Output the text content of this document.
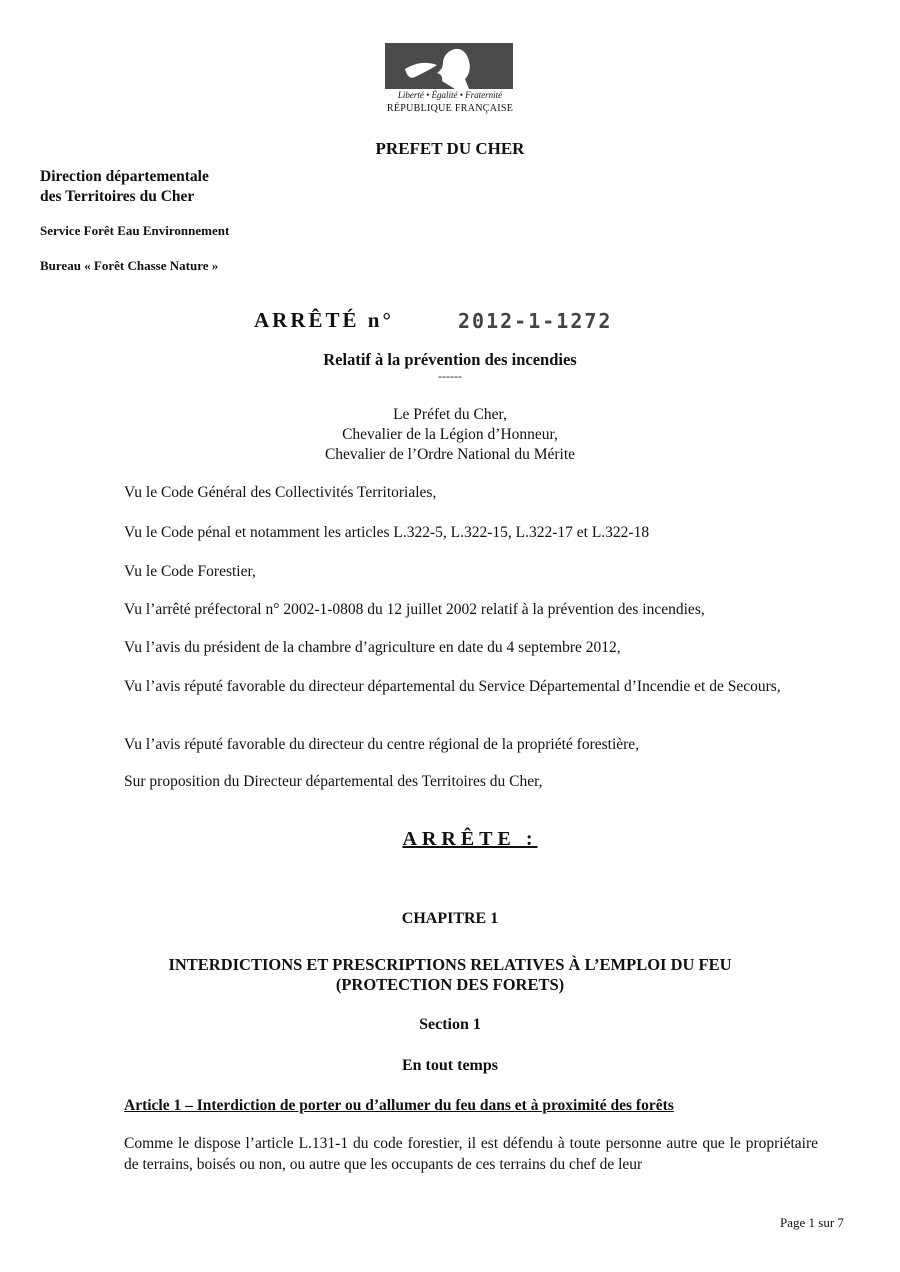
Liberté • Égalité • Fraternité
RÉPUBLIQUE FRANÇAISE
PREFET DU CHER
Direction départementale
des Territoires du Cher
Service Forêt Eau Environnement
Bureau « Forêt Chasse Nature »
ARRÊTÉ n°	2012-1-1272
Relatif à la prévention des incendies
------
Le Préfet du Cher,
Chevalier de la Légion d’Honneur,
Chevalier de l’Ordre National du Mérite
Vu le Code Général des Collectivités Territoriales,
Vu le Code pénal et notamment les articles L.322-5, L.322-15, L.322-17 et L.322-18
Vu le Code Forestier,
Vu l’arrêté préfectoral n° 2002-1-0808 du 12 juillet 2002 relatif à la prévention des incendies,
Vu l’avis du président de la chambre d’agriculture en date du 4 septembre 2012,
Vu l’avis réputé favorable du directeur départemental du Service Départemental d’Incendie et de Secours,
Vu l’avis réputé favorable du directeur du centre régional de la propriété forestière,
Sur proposition du Directeur départemental des Territoires du Cher,
ARRÊTE :
CHAPITRE 1
INTERDICTIONS ET PRESCRIPTIONS RELATIVES À L’EMPLOI DU FEU
(PROTECTION DES FORETS)
Section 1
En tout temps
Article 1 – Interdiction de porter ou d’allumer du feu dans et à proximité des forêts
Comme le dispose l’article L.131-1 du code forestier, il est défendu à toute personne autre que le propriétaire de terrains, boisés ou non, ou autre que les occupants de ces terrains du chef de leur
Page 1 sur 7
